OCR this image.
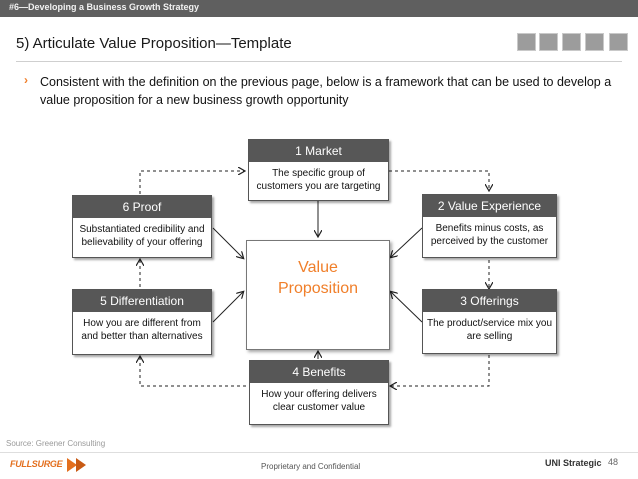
#6—Developing a Business Growth Strategy
5) Articulate Value Proposition—Template
› Consistent with the definition on the previous page, below is a framework that can be used to develop a value proposition for a new business growth opportunity
Value
Proposition
1 Market
The specific group of customers you are targeting
2 Value Experience
Benefits minus costs, as perceived by the customer
3 Offerings
The product/service mix you are selling
4 Benefits
How your offering delivers clear customer value
5 Differentiation
How you are different from and better than alternatives
6 Proof
Substantiated credibility and believability of your offering
Source: Greener Consulting
FULLSURGE	Proprietary and Confidential	UNI Strategic 48
